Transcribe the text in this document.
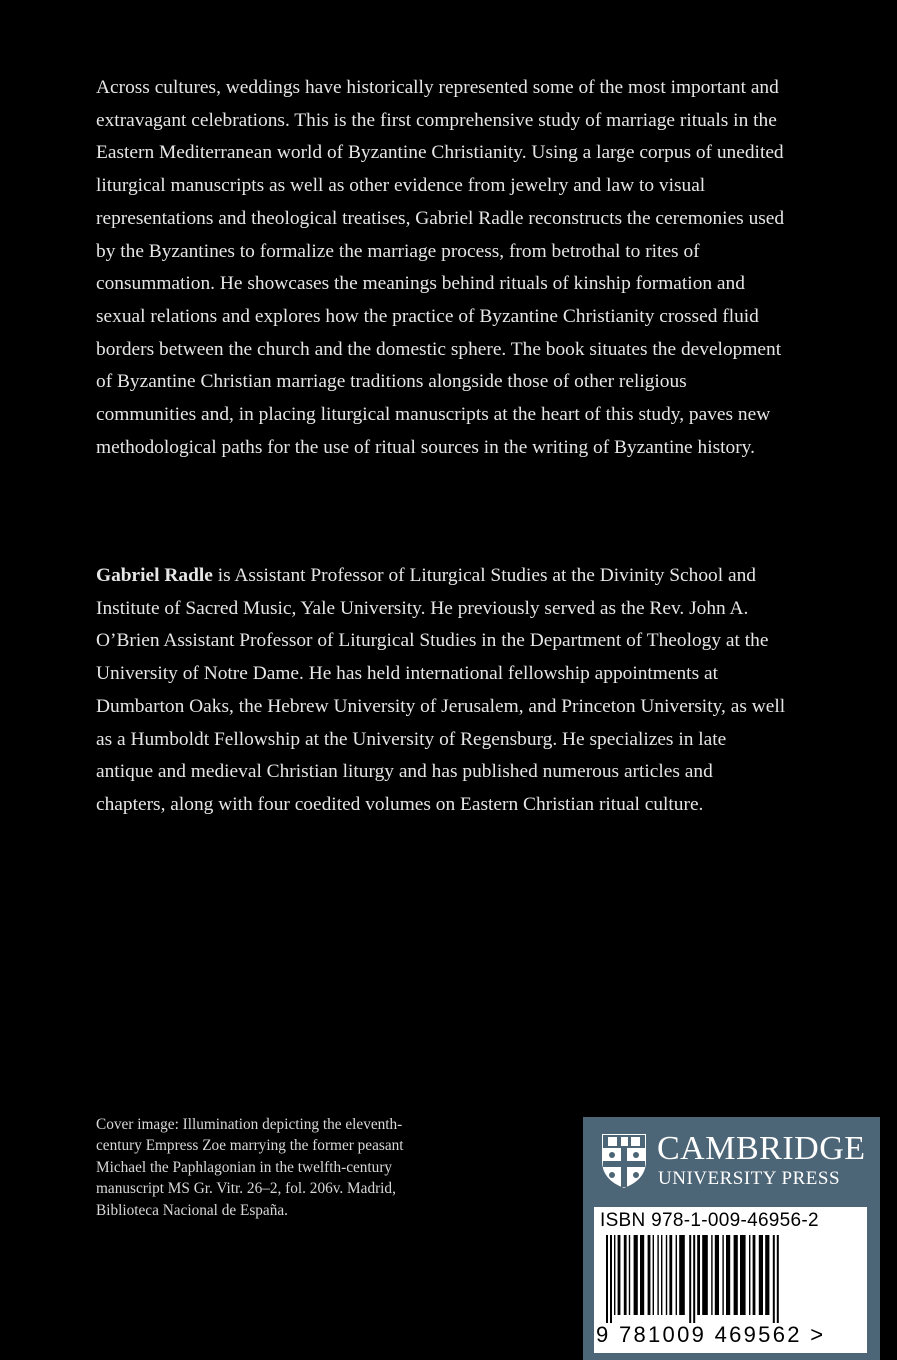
Across cultures, weddings have historically represented some of the most important and extravagant celebrations. This is the first comprehensive study of marriage rituals in the Eastern Mediterranean world of Byzantine Christianity. Using a large corpus of unedited liturgical manuscripts as well as other evidence from jewelry and law to visual representations and theological treatises, Gabriel Radle reconstructs the ceremonies used by the Byzantines to formalize the marriage process, from betrothal to rites of consummation. He showcases the meanings behind rituals of kinship formation and sexual relations and explores how the practice of Byzantine Christianity crossed fluid borders between the church and the domestic sphere. The book situates the development of Byzantine Christian marriage traditions alongside those of other religious communities and, in placing liturgical manuscripts at the heart of this study, paves new methodological paths for the use of ritual sources in the writing of Byzantine history.

Gabriel Radle is Assistant Professor of Liturgical Studies at the Divinity School and Institute of Sacred Music, Yale University. He previously served as the Rev. John A. O’Brien Assistant Professor of Liturgical Studies in the Department of Theology at the University of Notre Dame. He has held international fellowship appointments at Dumbarton Oaks, the Hebrew University of Jerusalem, and Princeton University, as well as a Humboldt Fellowship at the University of Regensburg. He specializes in late antique and medieval Christian liturgy and has published numerous articles and chapters, along with four coedited volumes on Eastern Christian ritual culture.

Cover image: Illumination depicting the eleventh-century Empress Zoe marrying the former peasant Michael the Paphlagonian in the twelfth-century manuscript MS Gr. Vitr. 26–2, fol. 206v. Madrid, Biblioteca Nacional de España.

CAMBRIDGE
UNIVERSITY PRESS
ISBN 978-1-009-46956-2
9 781009 469562 >
